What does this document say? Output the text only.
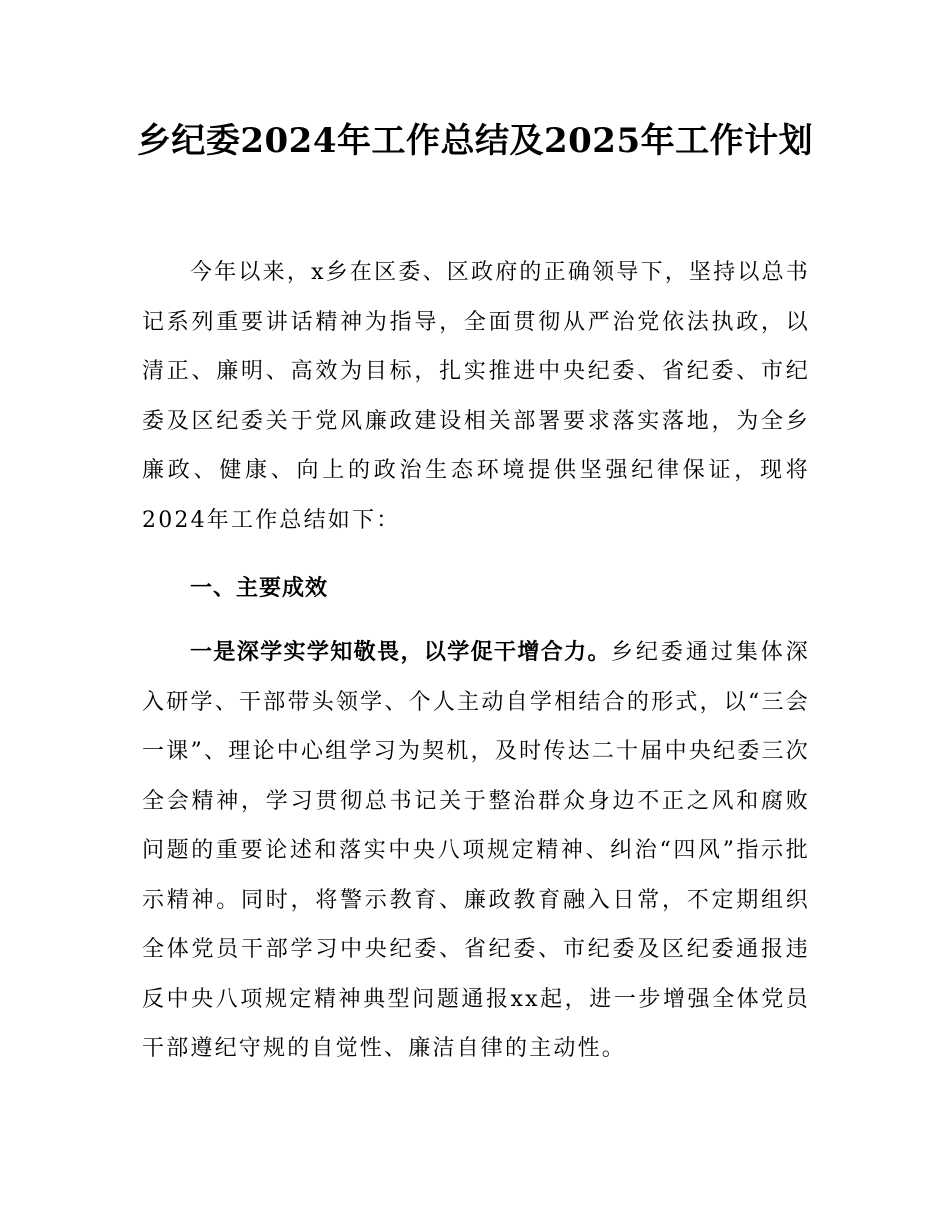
乡纪委2024年工作总结及2025年工作计划

今年以来，x乡在区委、区政府的正确领导下，坚持以总书记系列重要讲话精神为指导，全面贯彻从严治党依法执政，以清正、廉明、高效为目标，扎实推进中央纪委、省纪委、市纪委及区纪委关于党风廉政建设相关部署要求落实落地，为全乡廉政、健康、向上的政治生态环境提供坚强纪律保证，现将2024年工作总结如下：

一、主要成效

一是深学实学知敬畏，以学促干增合力。乡纪委通过集体深入研学、干部带头领学、个人主动自学相结合的形式，以“三会一课”、理论中心组学习为契机，及时传达二十届中央纪委三次全会精神，学习贯彻总书记关于整治群众身边不正之风和腐败问题的重要论述和落实中央八项规定精神、纠治“四风”指示批示精神。同时，将警示教育、廉政教育融入日常，不定期组织全体党员干部学习中央纪委、省纪委、市纪委及区纪委通报违反中央八项规定精神典型问题通报xx起，进一步增强全体党员干部遵纪守规的自觉性、廉洁自律的主动性。
